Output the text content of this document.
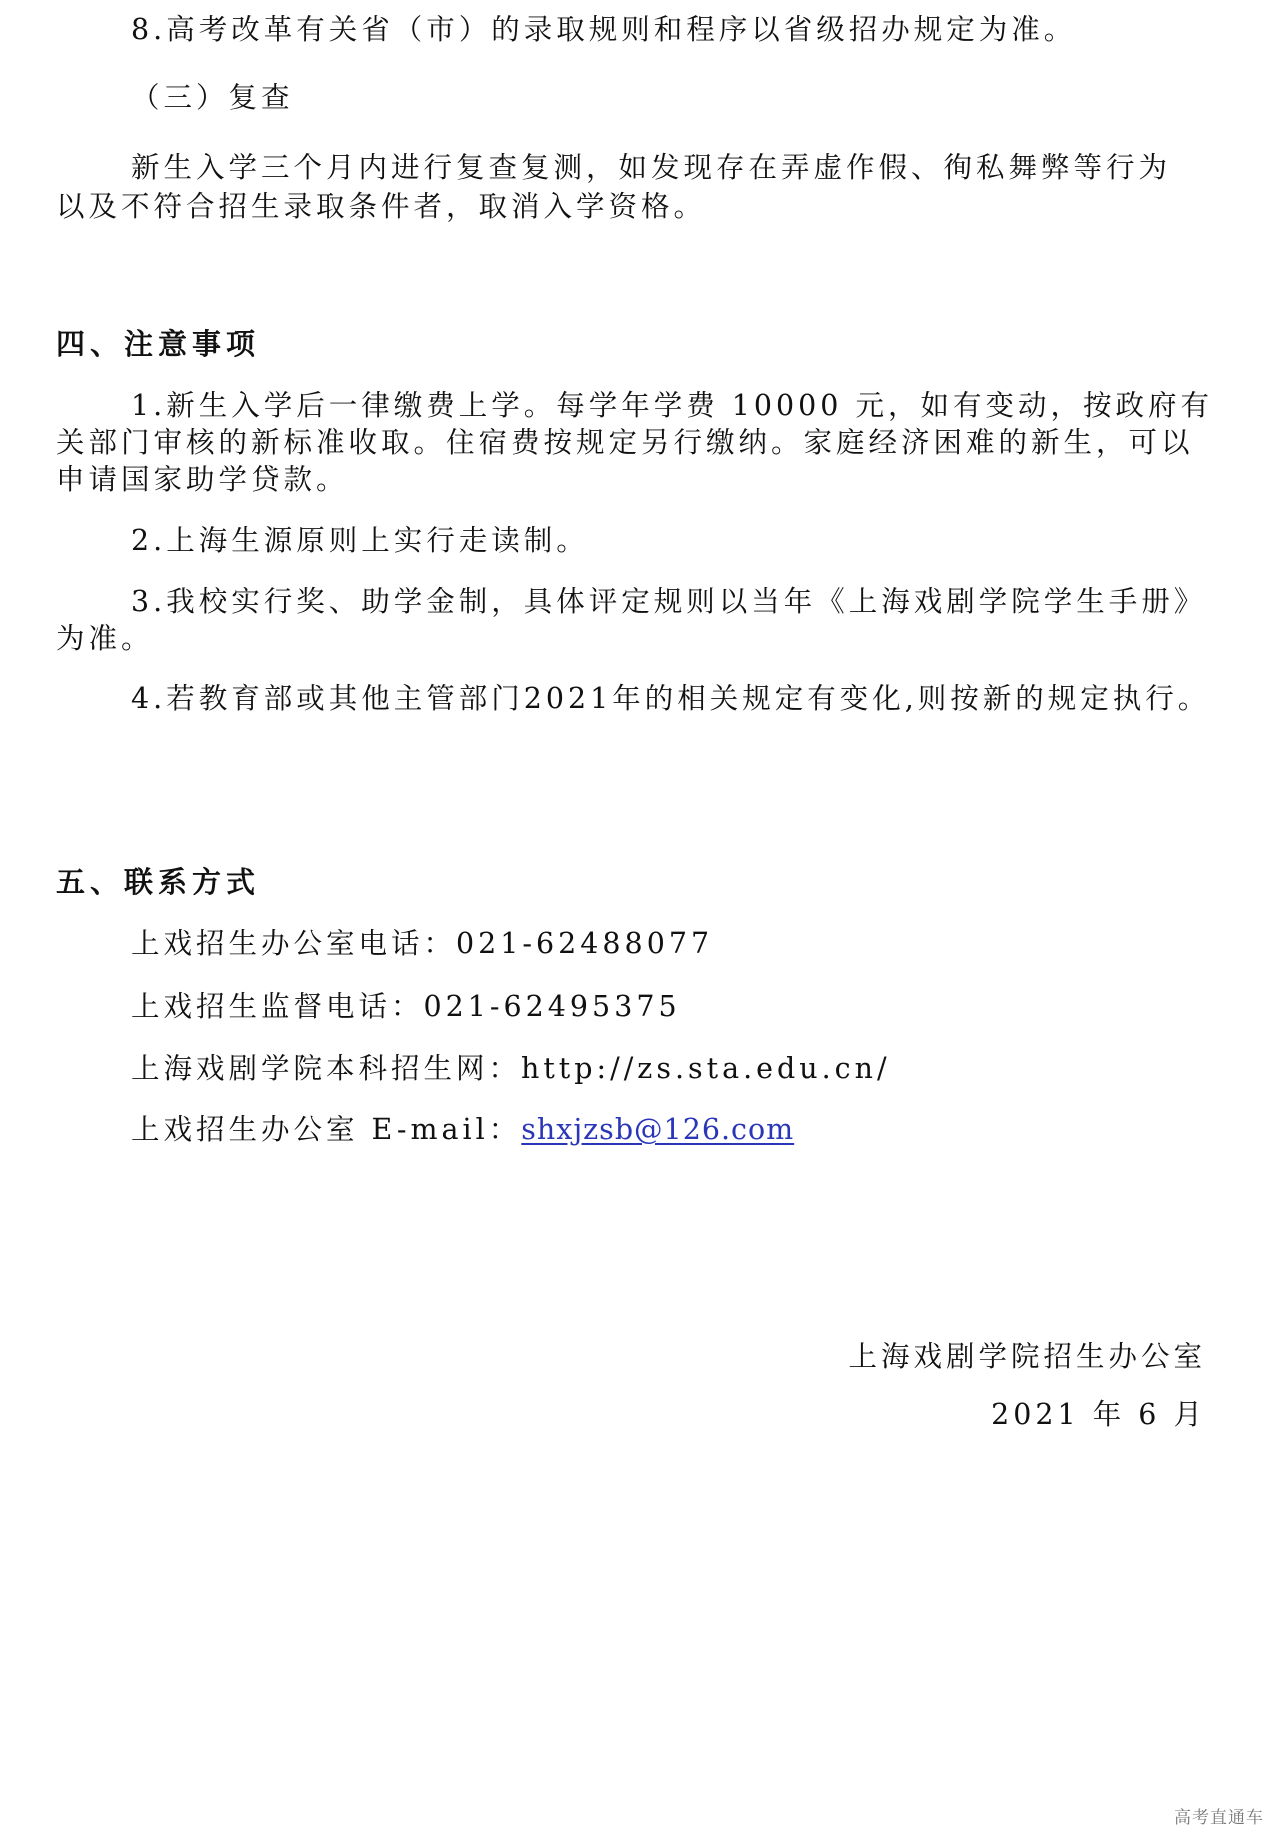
8.高考改革有关省（市）的录取规则和程序以省级招办规定为准。
（三）复查
新生入学三个月内进行复查复测，如发现存在弄虚作假、徇私舞弊等行为
以及不符合招生录取条件者，取消入学资格。
四、注意事项
1.新生入学后一律缴费上学。每学年学费 10000 元，如有变动，按政府有
关部门审核的新标准收取。住宿费按规定另行缴纳。家庭经济困难的新生，可以
申请国家助学贷款。
2.上海生源原则上实行走读制。
3.我校实行奖、助学金制，具体评定规则以当年《上海戏剧学院学生手册》
为准。
4.若教育部或其他主管部门2021年的相关规定有变化,则按新的规定执行。
五、联系方式
上戏招生办公室电话：021-62488077
上戏招生监督电话：021-62495375
上海戏剧学院本科招生网：http://zs.sta.edu.cn/
上戏招生办公室 E-mail：shxjzsb@126.com
上海戏剧学院招生办公室
2021 年 6 月
高考直通车
